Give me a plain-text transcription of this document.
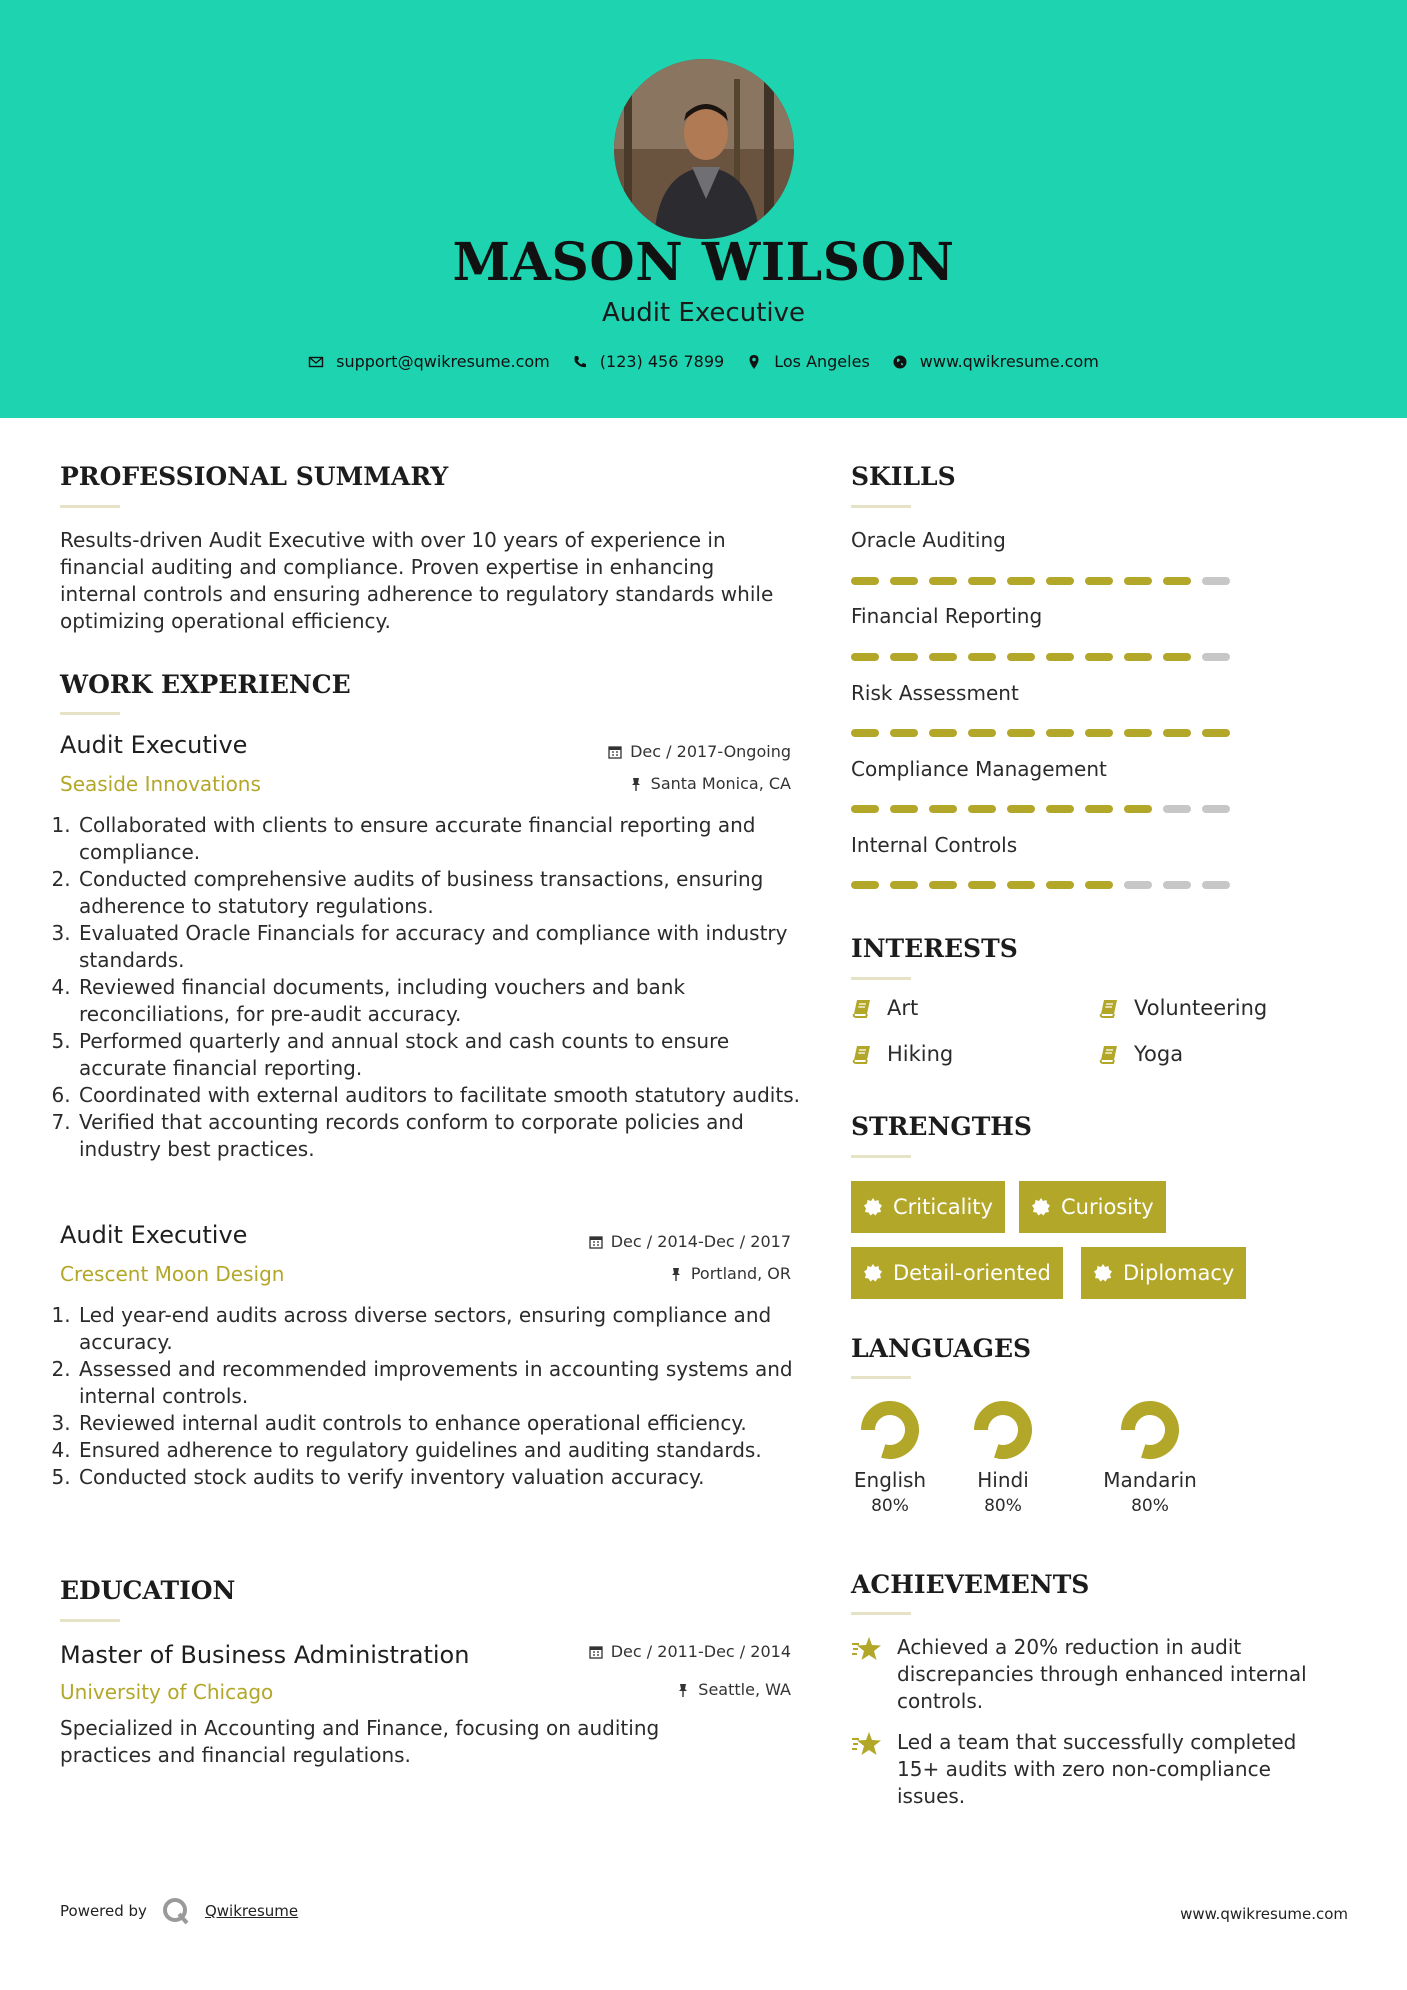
MASON WILSON
Audit Executive
support@qwikresume.com	(123) 456 7899	Los Angeles	www.qwikresume.com
PROFESSIONAL SUMMARY
Results-driven Audit Executive with over 10 years of experience in financial auditing and compliance. Proven expertise in enhancing internal controls and ensuring adherence to regulatory standards while optimizing operational efficiency.
WORK EXPERIENCE
Audit Executive
Seaside Innovations
Dec / 2017-Ongoing
Santa Monica, CA
1. Collaborated with clients to ensure accurate financial reporting and compliance.
2. Conducted comprehensive audits of business transactions, ensuring adherence to statutory regulations.
3. Evaluated Oracle Financials for accuracy and compliance with industry standards.
4. Reviewed financial documents, including vouchers and bank reconciliations, for pre-audit accuracy.
5. Performed quarterly and annual stock and cash counts to ensure accurate financial reporting.
6. Coordinated with external auditors to facilitate smooth statutory audits.
7. Verified that accounting records conform to corporate policies and industry best practices.
Audit Executive
Crescent Moon Design
Dec / 2014-Dec / 2017
Portland, OR
1. Led year-end audits across diverse sectors, ensuring compliance and accuracy.
2. Assessed and recommended improvements in accounting systems and internal controls.
3. Reviewed internal audit controls to enhance operational efficiency.
4. Ensured adherence to regulatory guidelines and auditing standards.
5. Conducted stock audits to verify inventory valuation accuracy.
EDUCATION
Master of Business Administration
University of Chicago
Dec / 2011-Dec / 2014
Seattle, WA
Specialized in Accounting and Finance, focusing on auditing practices and financial regulations.
SKILLS
Oracle Auditing
Financial Reporting
Risk Assessment
Compliance Management
Internal Controls
INTERESTS
Art	Volunteering
Hiking	Yoga
STRENGTHS
Criticality	Curiosity
Detail-oriented	Diplomacy
LANGUAGES
English
80%
Hindi
80%
Mandarin
80%
ACHIEVEMENTS
Achieved a 20% reduction in audit discrepancies through enhanced internal controls.
Led a team that successfully completed 15+ audits with zero non-compliance issues.
Powered by	Qwikresume	www.qwikresume.com
